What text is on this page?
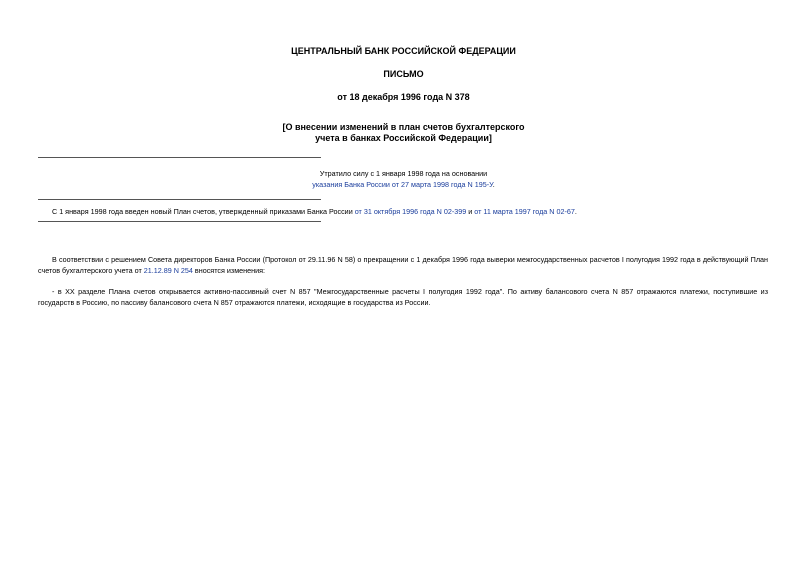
ЦЕНТРАЛЬНЫЙ БАНК РОССИЙСКОЙ ФЕДЕРАЦИИ
ПИСЬМО
от 18 декабря 1996 года N 378
[О внесении изменений в план счетов бухгалтерского
учета в банках Российской Федерации]
Утратило силу с 1 января 1998 года на основании
указания Банка России от 27 марта 1998 года N 195-У.
С 1 января 1998 года введен новый План счетов, утвержденный приказами Банка России от 31 октября 1996 года N 02-399 и от 11 марта 1997 года N 02-67.
В соответствии с решением Совета директоров Банка России (Протокол от 29.11.96 N 58) о прекращении с 1 декабря 1996 года выверки межгосударственных расчетов I полугодия 1992 года в действующий План счетов бухгалтерского учета от 21.12.89 N 254 вносятся изменения:
- в XX разделе Плана счетов открывается активно-пассивный счет N 857 "Межгосударственные расчеты I полугодия 1992 года". По активу балансового счета N 857 отражаются платежи, поступившие из государств в Россию, по пассиву балансового счета N 857 отражаются платежи, исходящие в государства из России.
